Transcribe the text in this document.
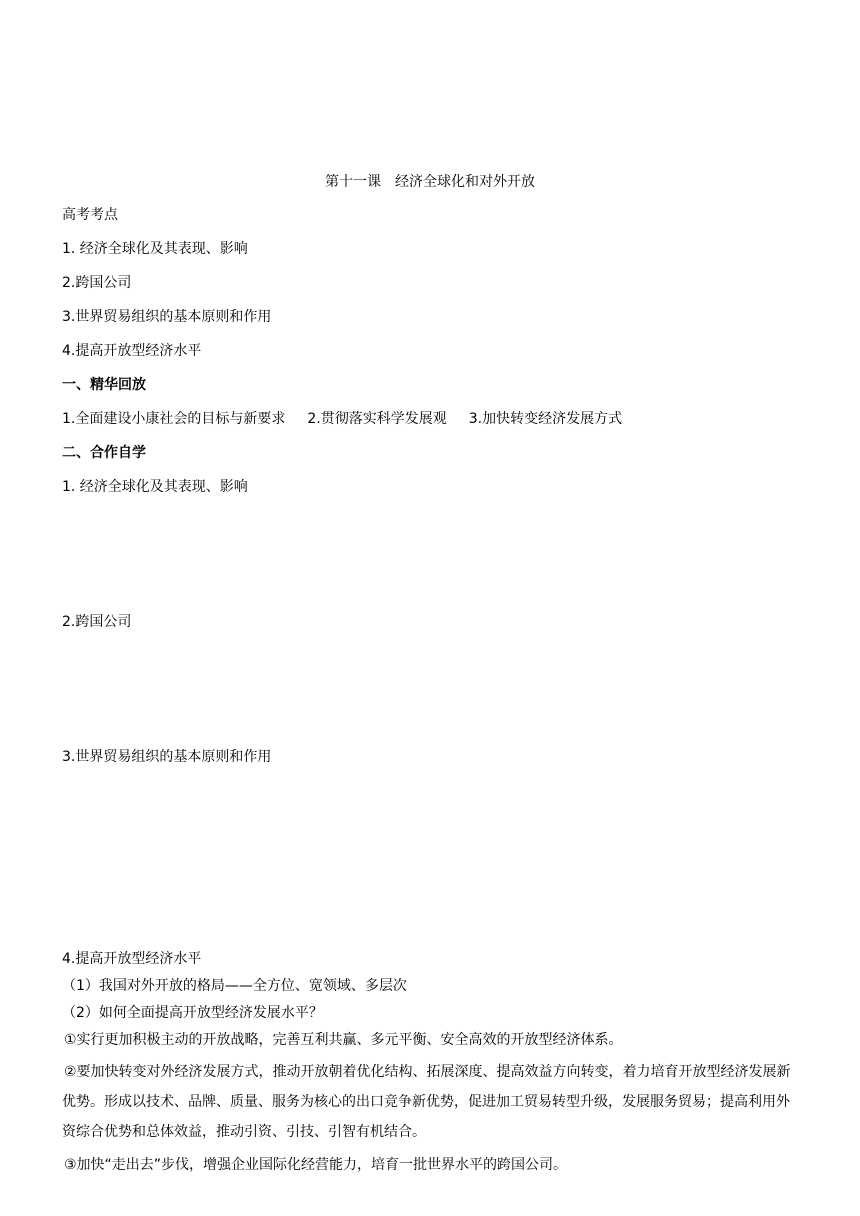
第十一课　经济全球化和对外开放
高考考点
1. 经济全球化及其表现、影响
2.跨国公司
3.世界贸易组织的基本原则和作用
4.提高开放型经济水平
一、精华回放
1.全面建设小康社会的目标与新要求 2.贯彻落实科学发展观 3.加快转变经济发展方式
二、合作自学
1. 经济全球化及其表现、影响
2.跨国公司
3.世界贸易组织的基本原则和作用
4.提高开放型经济水平
（1）我国对外开放的格局——全方位、宽领域、多层次
（2）如何全面提高开放型经济发展水平？
①实行更加积极主动的开放战略，完善互利共赢、多元平衡、安全高效的开放型经济体系。
②要加快转变对外经济发展方式，推动开放朝着优化结构、拓展深度、提高效益方向转变，着力培育开放型经济发展新优势。形成以技术、品牌、质量、服务为核心的出口竞争新优势，促进加工贸易转型升级，发展服务贸易；提高利用外资综合优势和总体效益，推动引资、引技、引智有机结合。
③加快“走出去”步伐，增强企业国际化经营能力，培育一批世界水平的跨国公司。
